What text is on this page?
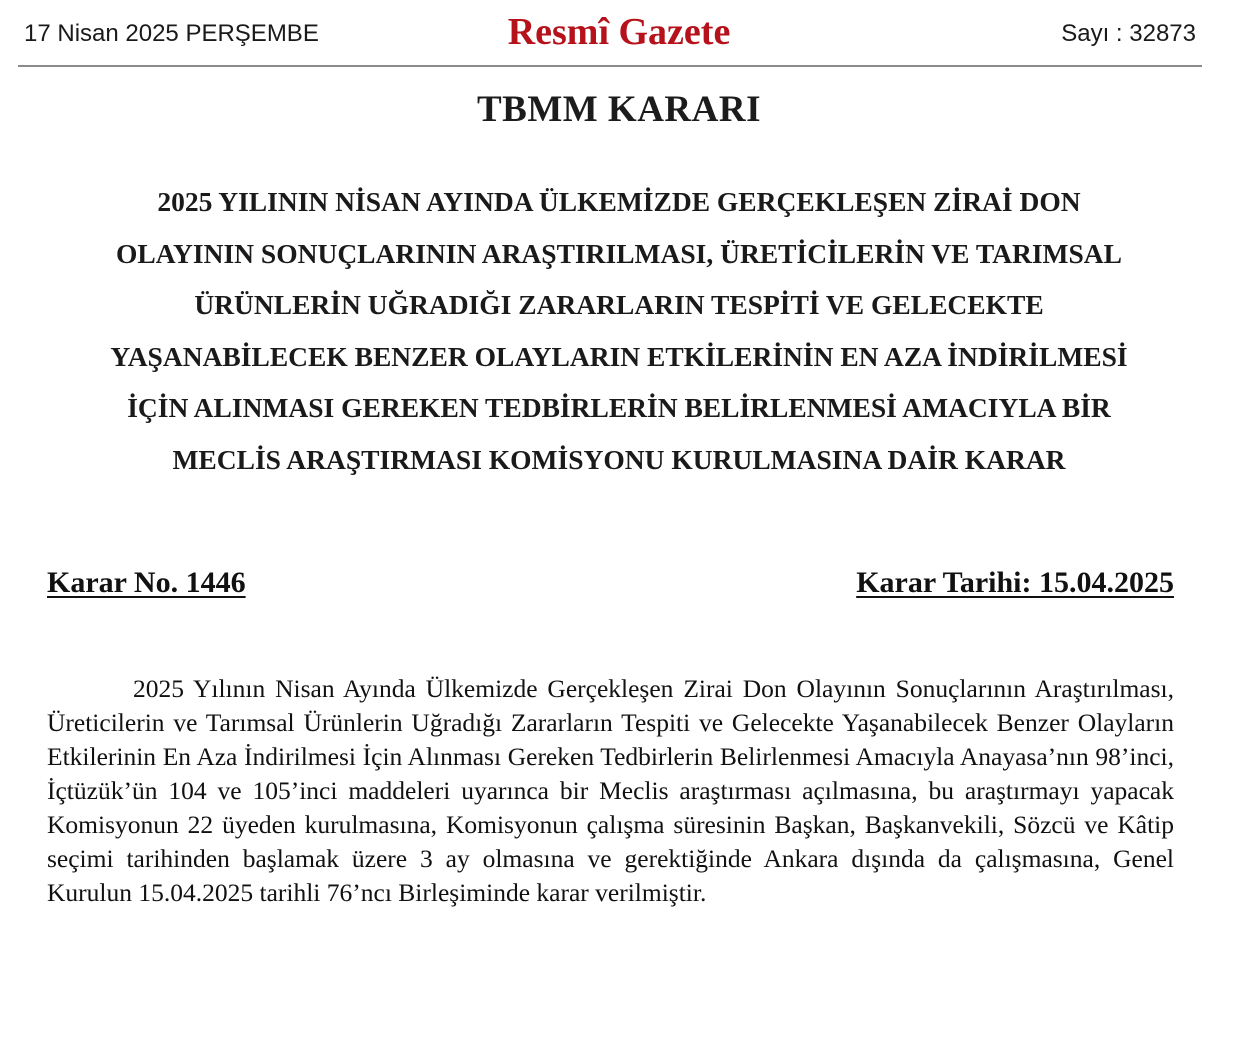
17 Nisan 2025 PERŞEMBE	Resmî Gazete	Sayı : 32873
TBMM KARARI
2025 YILININ NİSAN AYINDA ÜLKEMİZDE GERÇEKLEŞEN ZİRAİ DON
OLAYININ SONUÇLARININ ARAŞTIRILMASI, ÜRETİCİLERİN VE TARIMSAL
ÜRÜNLERİN UĞRADIĞI ZARARLARIN TESPİTİ VE GELECEKTE
YAŞANABİLECEK BENZER OLAYLARIN ETKİLERİNİN EN AZA İNDİRİLMESİ
İÇİN ALINMASI GEREKEN TEDBİRLERİN BELİRLENMESİ AMACIYLA BİR
MECLİS ARAŞTIRMASI KOMİSYONU KURULMASINA DAİR KARAR
Karar No. 1446	Karar Tarihi: 15.04.2025

2025 Yılının Nisan Ayında Ülkemizde Gerçekleşen Zirai Don Olayının Sonuçlarının Araştırılması, Üreticilerin ve Tarımsal Ürünlerin Uğradığı Zararların Tespiti ve Gelecekte Yaşanabilecek Benzer Olayların Etkilerinin En Aza İndirilmesi İçin Alınması Gereken Tedbirlerin Belirlenmesi Amacıyla Anayasa’nın 98’inci, İçtüzük’ün 104 ve 105’inci maddeleri uyarınca bir Meclis araştırması açılmasına, bu araştırmayı yapacak Komisyonun 22 üyeden kurulmasına, Komisyonun çalışma süresinin Başkan, Başkanvekili, Sözcü ve Kâtip seçimi tarihinden başlamak üzere 3 ay olmasına ve gerektiğinde Ankara dışında da çalışmasına, Genel Kurulun 15.04.2025 tarihli 76’ncı Birleşiminde karar verilmiştir.
